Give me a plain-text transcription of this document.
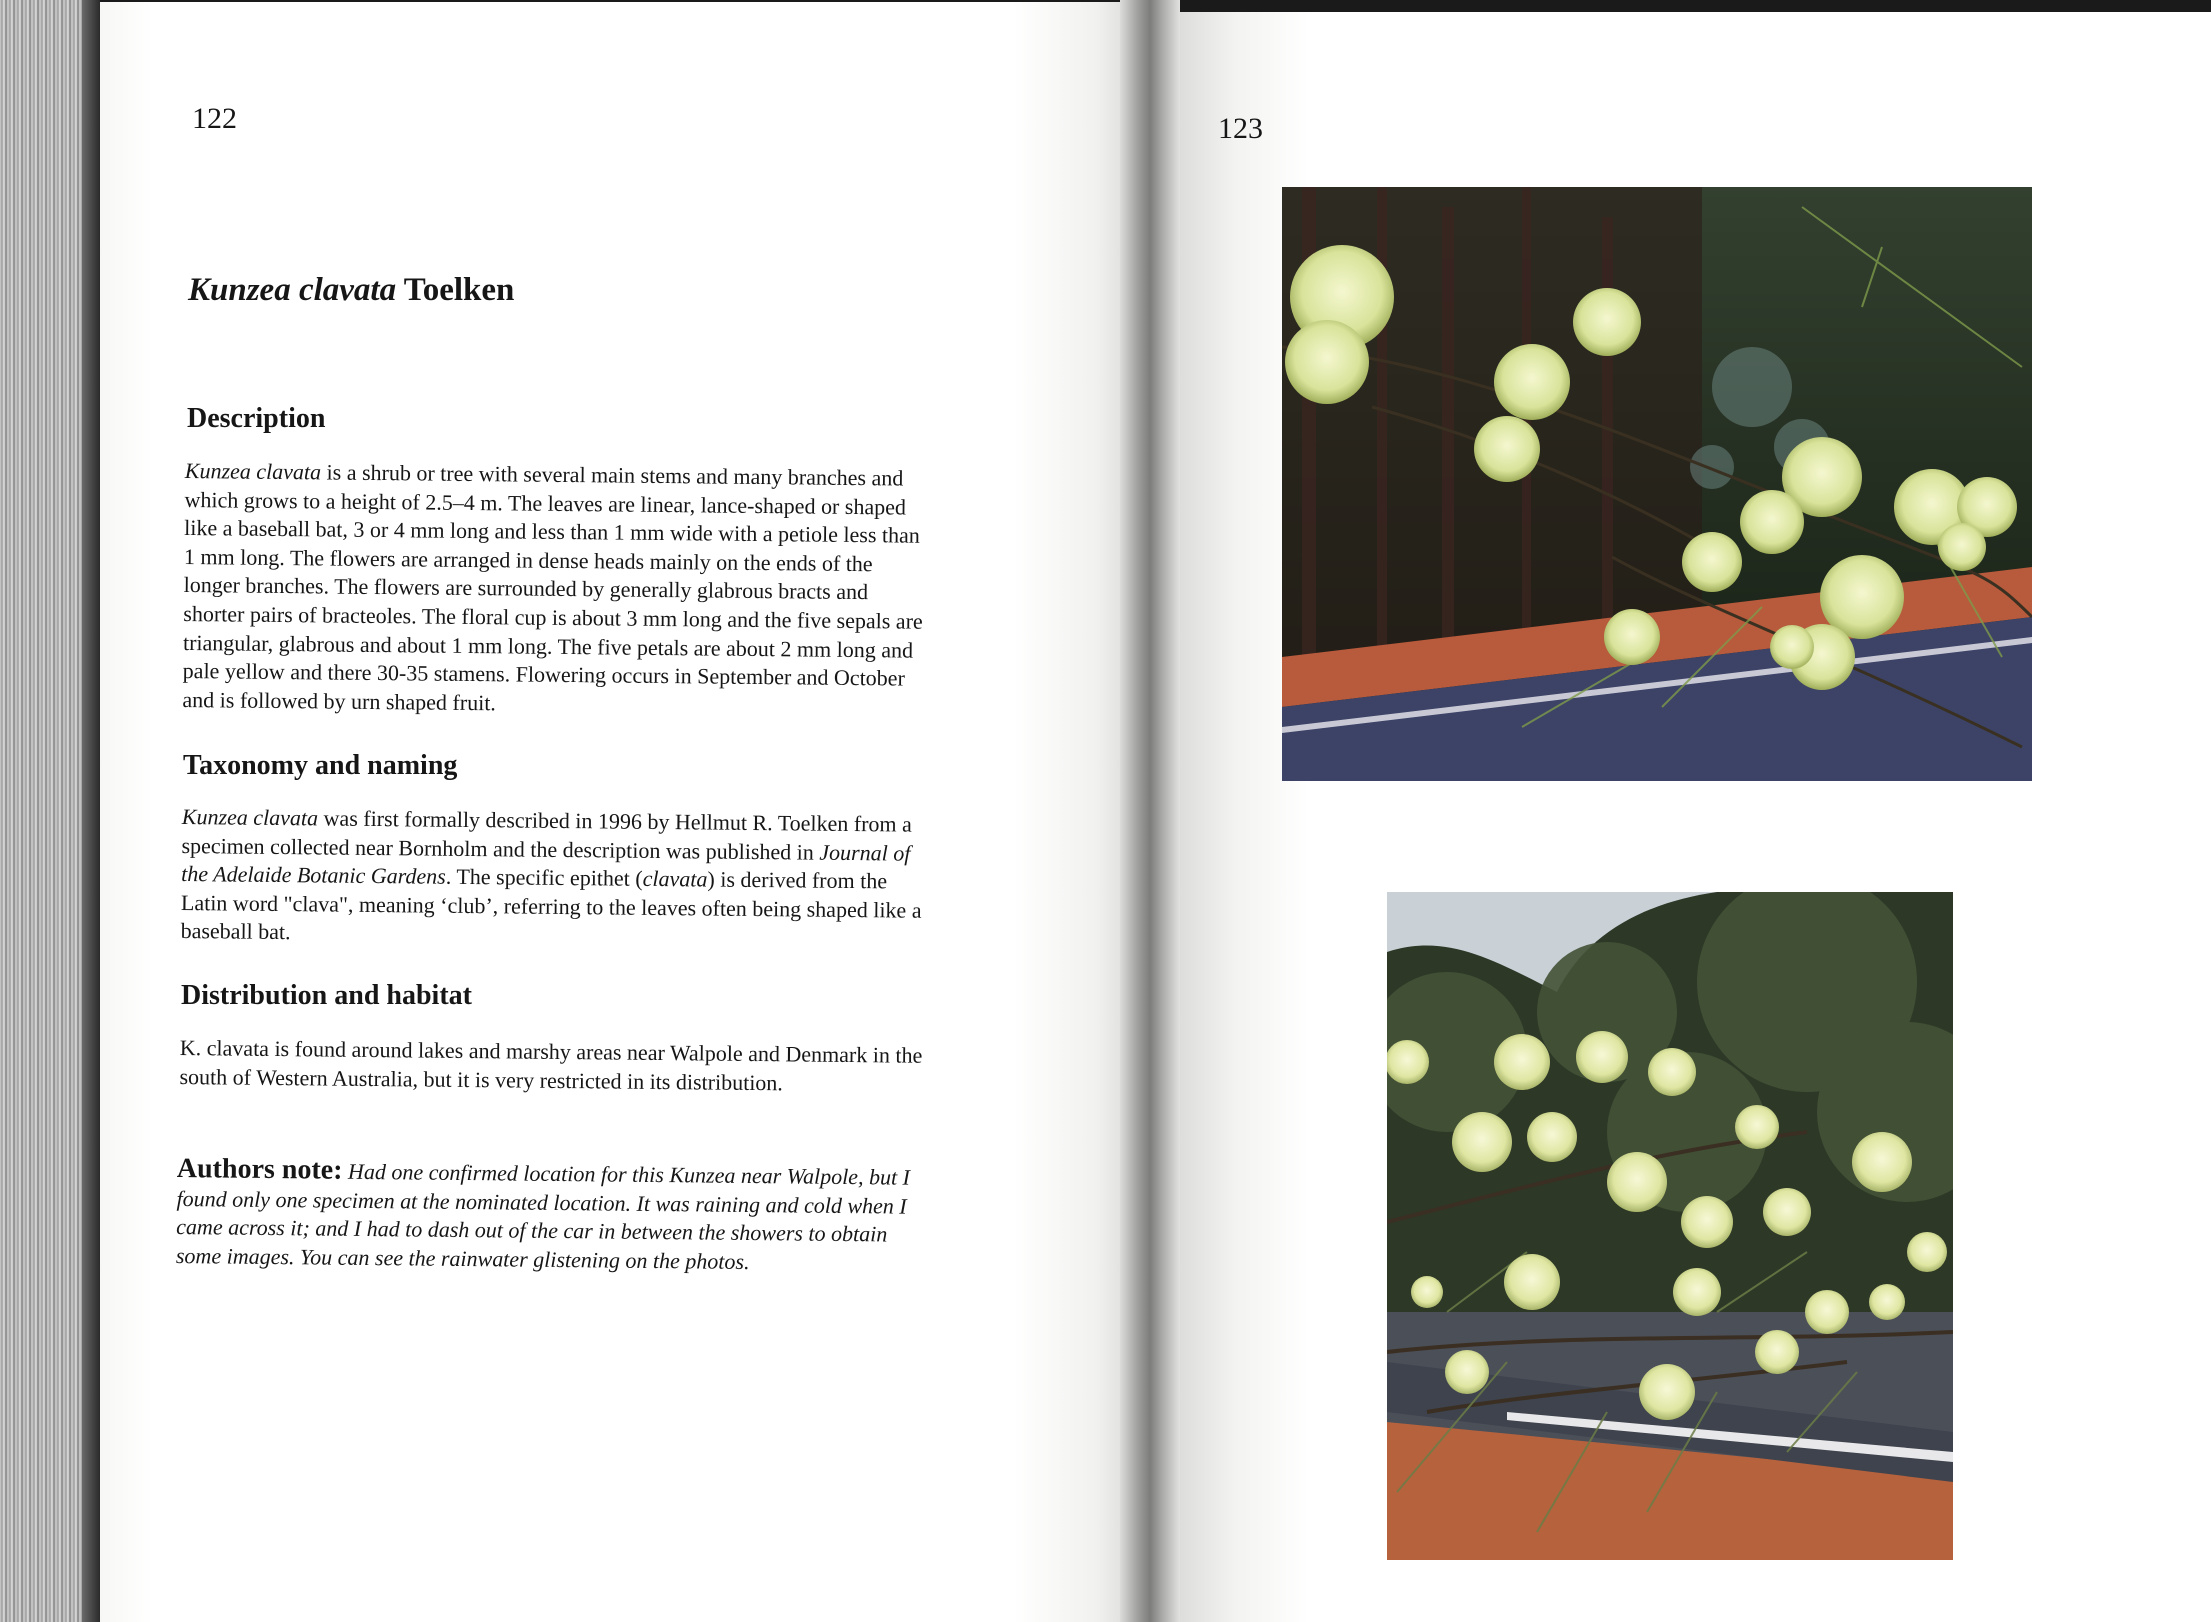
122	123
Kunzea clavata Toelken
Description
Kunzea clavata is a shrub or tree with several main stems and many branches and
which grows to a height of 2.5–4 m. The leaves are linear, lance-shaped or shaped
like a baseball bat, 3 or 4 mm long and less than 1 mm wide with a petiole less than
1 mm long. The flowers are arranged in dense heads mainly on the ends of the
longer branches. The flowers are surrounded by generally glabrous bracts and
shorter pairs of bracteoles. The floral cup is about 3 mm long and the five sepals are
triangular, glabrous and about 1 mm long. The five petals are about 2 mm long and
pale yellow and there 30-35 stamens. Flowering occurs in September and October
and is followed by urn shaped fruit.
Taxonomy and naming
Kunzea clavata was first formally described in 1996 by Hellmut R. Toelken from a
specimen collected near Bornholm and the description was published in Journal of
the Adelaide Botanic Gardens. The specific epithet (clavata) is derived from the
Latin word "clava", meaning ‘club’, referring to the leaves often being shaped like a
baseball bat.
Distribution and habitat
K. clavata is found around lakes and marshy areas near Walpole and Denmark in the
south of Western Australia, but it is very restricted in its distribution.
Authors note: Had one confirmed location for this Kunzea near Walpole, but I
found only one specimen at the nominated location. It was raining and cold when I
came across it; and I had to dash out of the car in between the showers to obtain
some images. You can see the rainwater glistening on the photos.
